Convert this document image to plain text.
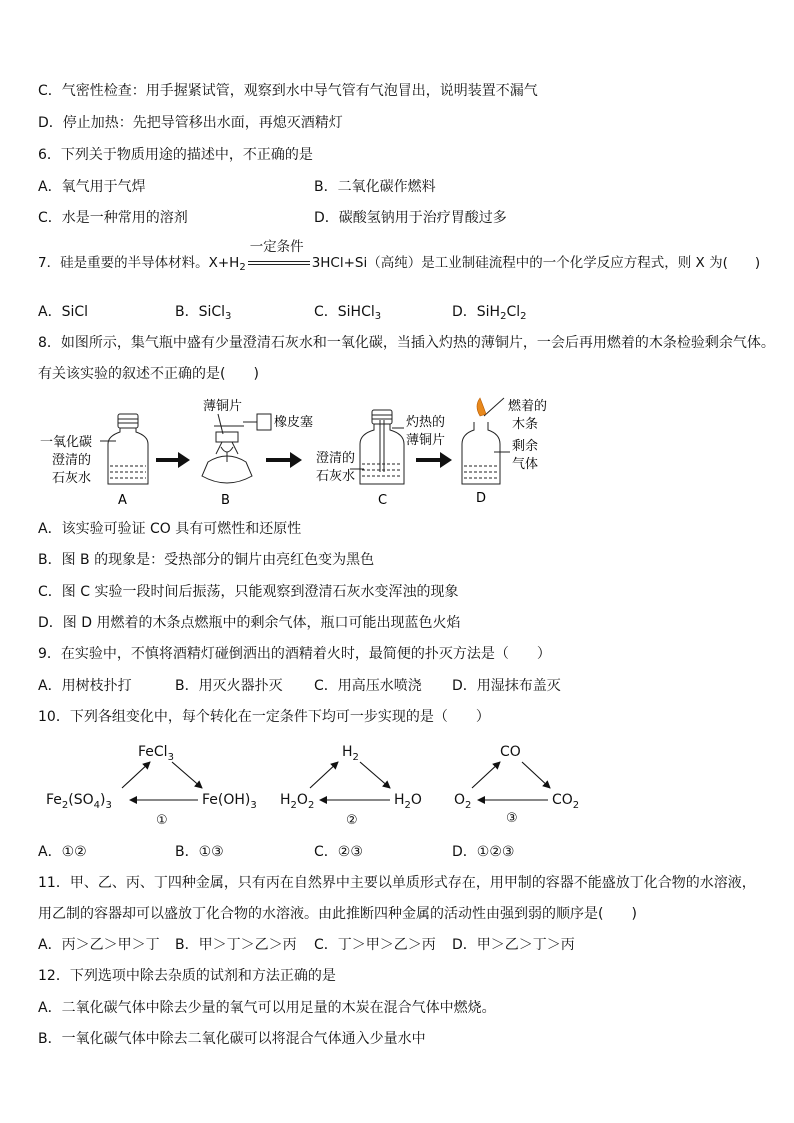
C．气密性检查：用手握紧试管，观察到水中导气管有气泡冒出，说明装置不漏气
D．停止加热：先把导管移出水面，再熄灭酒精灯
6．下列关于物质用途的描述中，不正确的是
A．氧气用于气焊	B．二氧化碳作燃料
C．水是一种常用的溶剂	D．碳酸氢钠用于治疗胃酸过多
7．硅是重要的半导体材料。$X+H_2$
一定条件
3HCl+Si（高纯）是工业制硅流程中的一个化学反应方程式，则 X 为(　　)
A．SiCl	B．SiCl$_3$	C．SiHCl$_3$	D．$SiH_2Cl_2$
8．如图所示，集气瓶中盛有少量澄清石灰水和一氧化碳，当插入灼热的薄铜片，一会后再用燃着的木条检验剩余气体。
有关该实验的叙述不正确的是(　　)
一氧化碳
澄清的
石灰水
A
薄铜片
橡皮塞
B
澄清的
石灰水
灼热的
薄铜片
C
燃着的
木条
剩余
气体
D
A．该实验可验证 CO 具有可燃性和还原性
B．图 B 的现象是：受热部分的铜片由亮红色变为黑色
C．图 C 实验一段时间后振荡，只能观察到澄清石灰水变浑浊的现象
D．图 D 用燃着的木条点燃瓶中的剩余气体，瓶口可能出现蓝色火焰
9．在实验中，不慎将酒精灯碰倒洒出的酒精着火时，最简便的扑灭方法是（　　）
A．用树枝扑打	B．用灭火器扑灭 C．用高压水喷浇 D．用湿抹布盖灭
10．下列各组变化中，每个转化在一定条件下均可一步实现的是（　　）
FeCl$_3$
$Fe_2(SO_4)_3$	$Fe(OH)_3$
①
$H_2$
$H_2O_2$	$H_2O$
②
CO
$O_2$	$CO_2$
③
A．①②	B．①③	C．②③	D．①②③
11．甲、乙、丙、丁四种金属，只有丙在自然界中主要以单质形式存在，用甲制的容器不能盛放丁化合物的水溶液，
用乙制的容器却可以盛放丁化合物的水溶液。由此推断四种金属的活动性由强到弱的顺序是(　　)
A．丙＞乙＞甲＞丁 B．甲＞丁＞乙＞丙 C．丁＞甲＞乙＞丙 D．甲＞乙＞丁＞丙
12．下列选项中除去杂质的试剂和方法正确的是
A．二氧化碳气体中除去少量的氧气可以用足量的木炭在混合气体中燃烧。
B．一氧化碳气体中除去二氧化碳可以将混合气体通入少量水中
